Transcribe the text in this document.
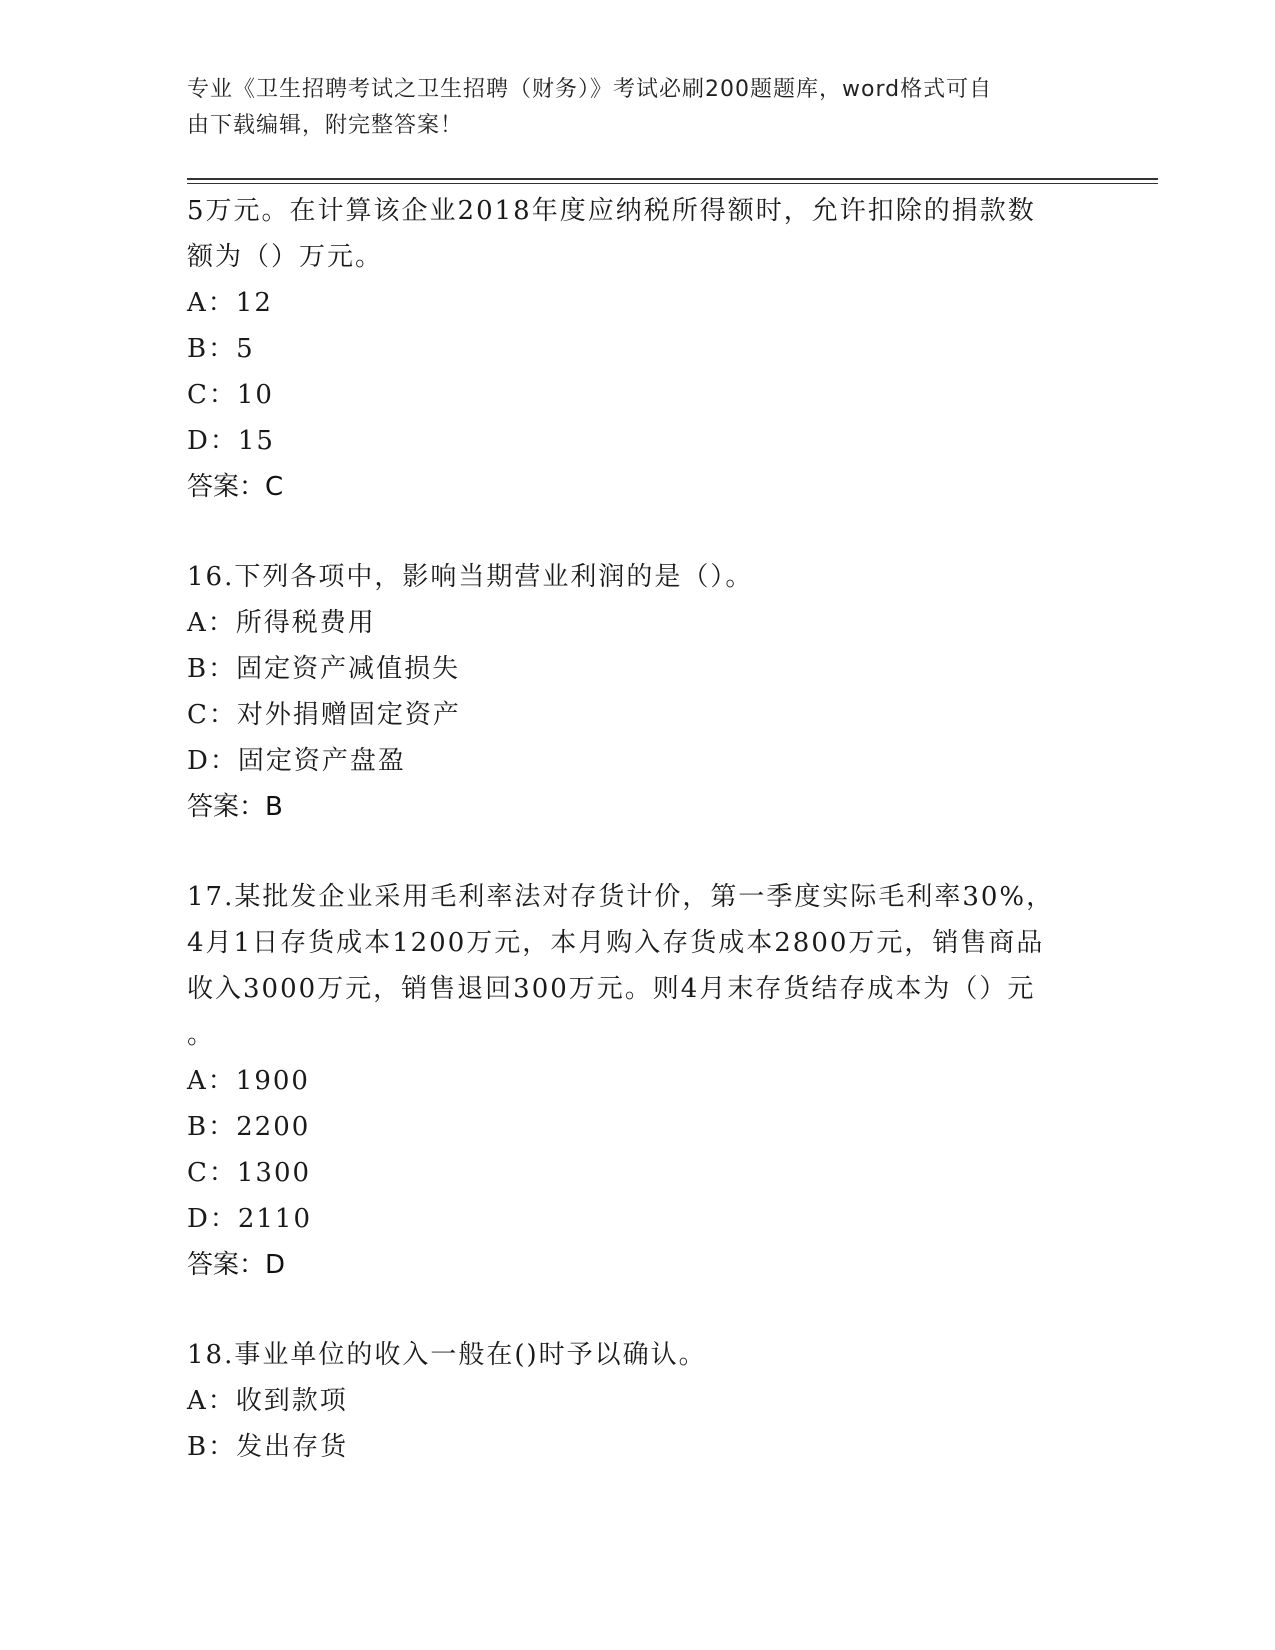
专业《卫生招聘考试之卫生招聘（财务）》考试必刷200题题库，word格式可自
由下载编辑，附完整答案！

5万元。在计算该企业2018年度应纳税所得额时，允许扣除的捐款数

额为（）万元。

A：12

B：5

C：10

D：15

答案：C

16.下列各项中，影响当期营业利润的是（）。

A：所得税费用

B：固定资产减值损失

C：对外捐赠固定资产

D：固定资产盘盈

答案：B

17.某批发企业采用毛利率法对存货计价，第一季度实际毛利率30%，

4月1日存货成本1200万元，本月购入存货成本2800万元，销售商品

收入3000万元，销售退回300万元。则4月末存货结存成本为（）元

。

A：1900

B：2200

C：1300

D：2110

答案：D

18.事业单位的收入一般在()时予以确认。

A：收到款项

B：发出存货
